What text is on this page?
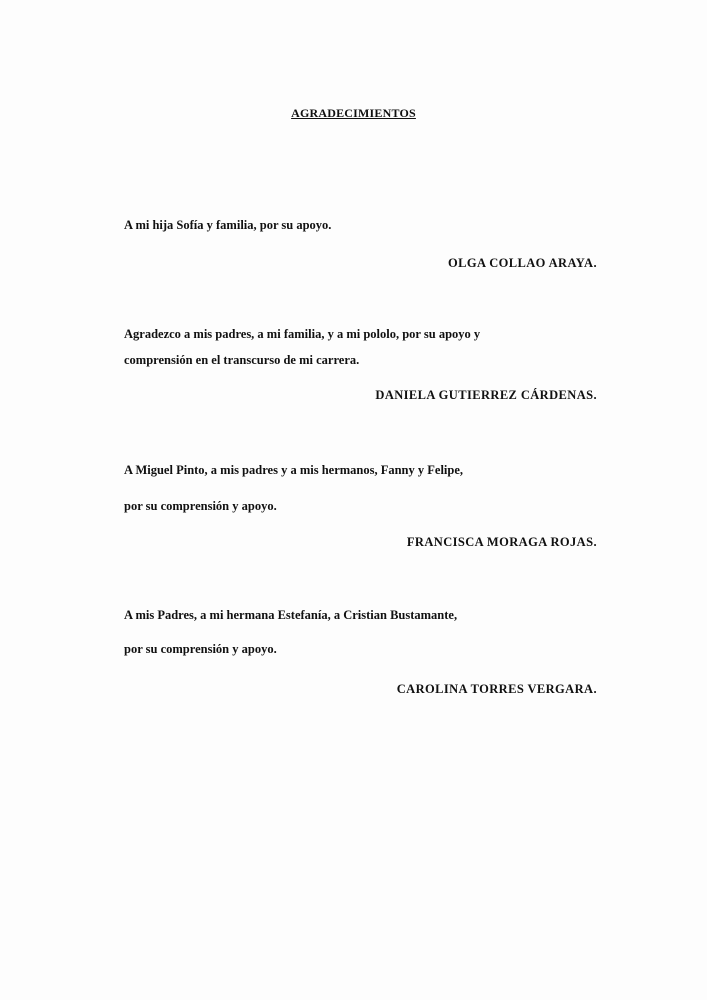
AGRADECIMIENTOS
A mi hija Sofía y familia, por su apoyo.
OLGA COLLAO ARAYA.
Agradezco a mis padres, a mi familia, y a mi pololo, por su apoyo y
comprensión en el transcurso de mi carrera.
DANIELA GUTIERREZ CÁRDENAS.
A Miguel Pinto, a mis padres y a mis hermanos, Fanny y Felipe,
por su comprensión y apoyo.
FRANCISCA MORAGA ROJAS.
A mis Padres, a mi hermana Estefanía, a Cristian Bustamante,
por su comprensión y apoyo.
CAROLINA TORRES VERGARA.
